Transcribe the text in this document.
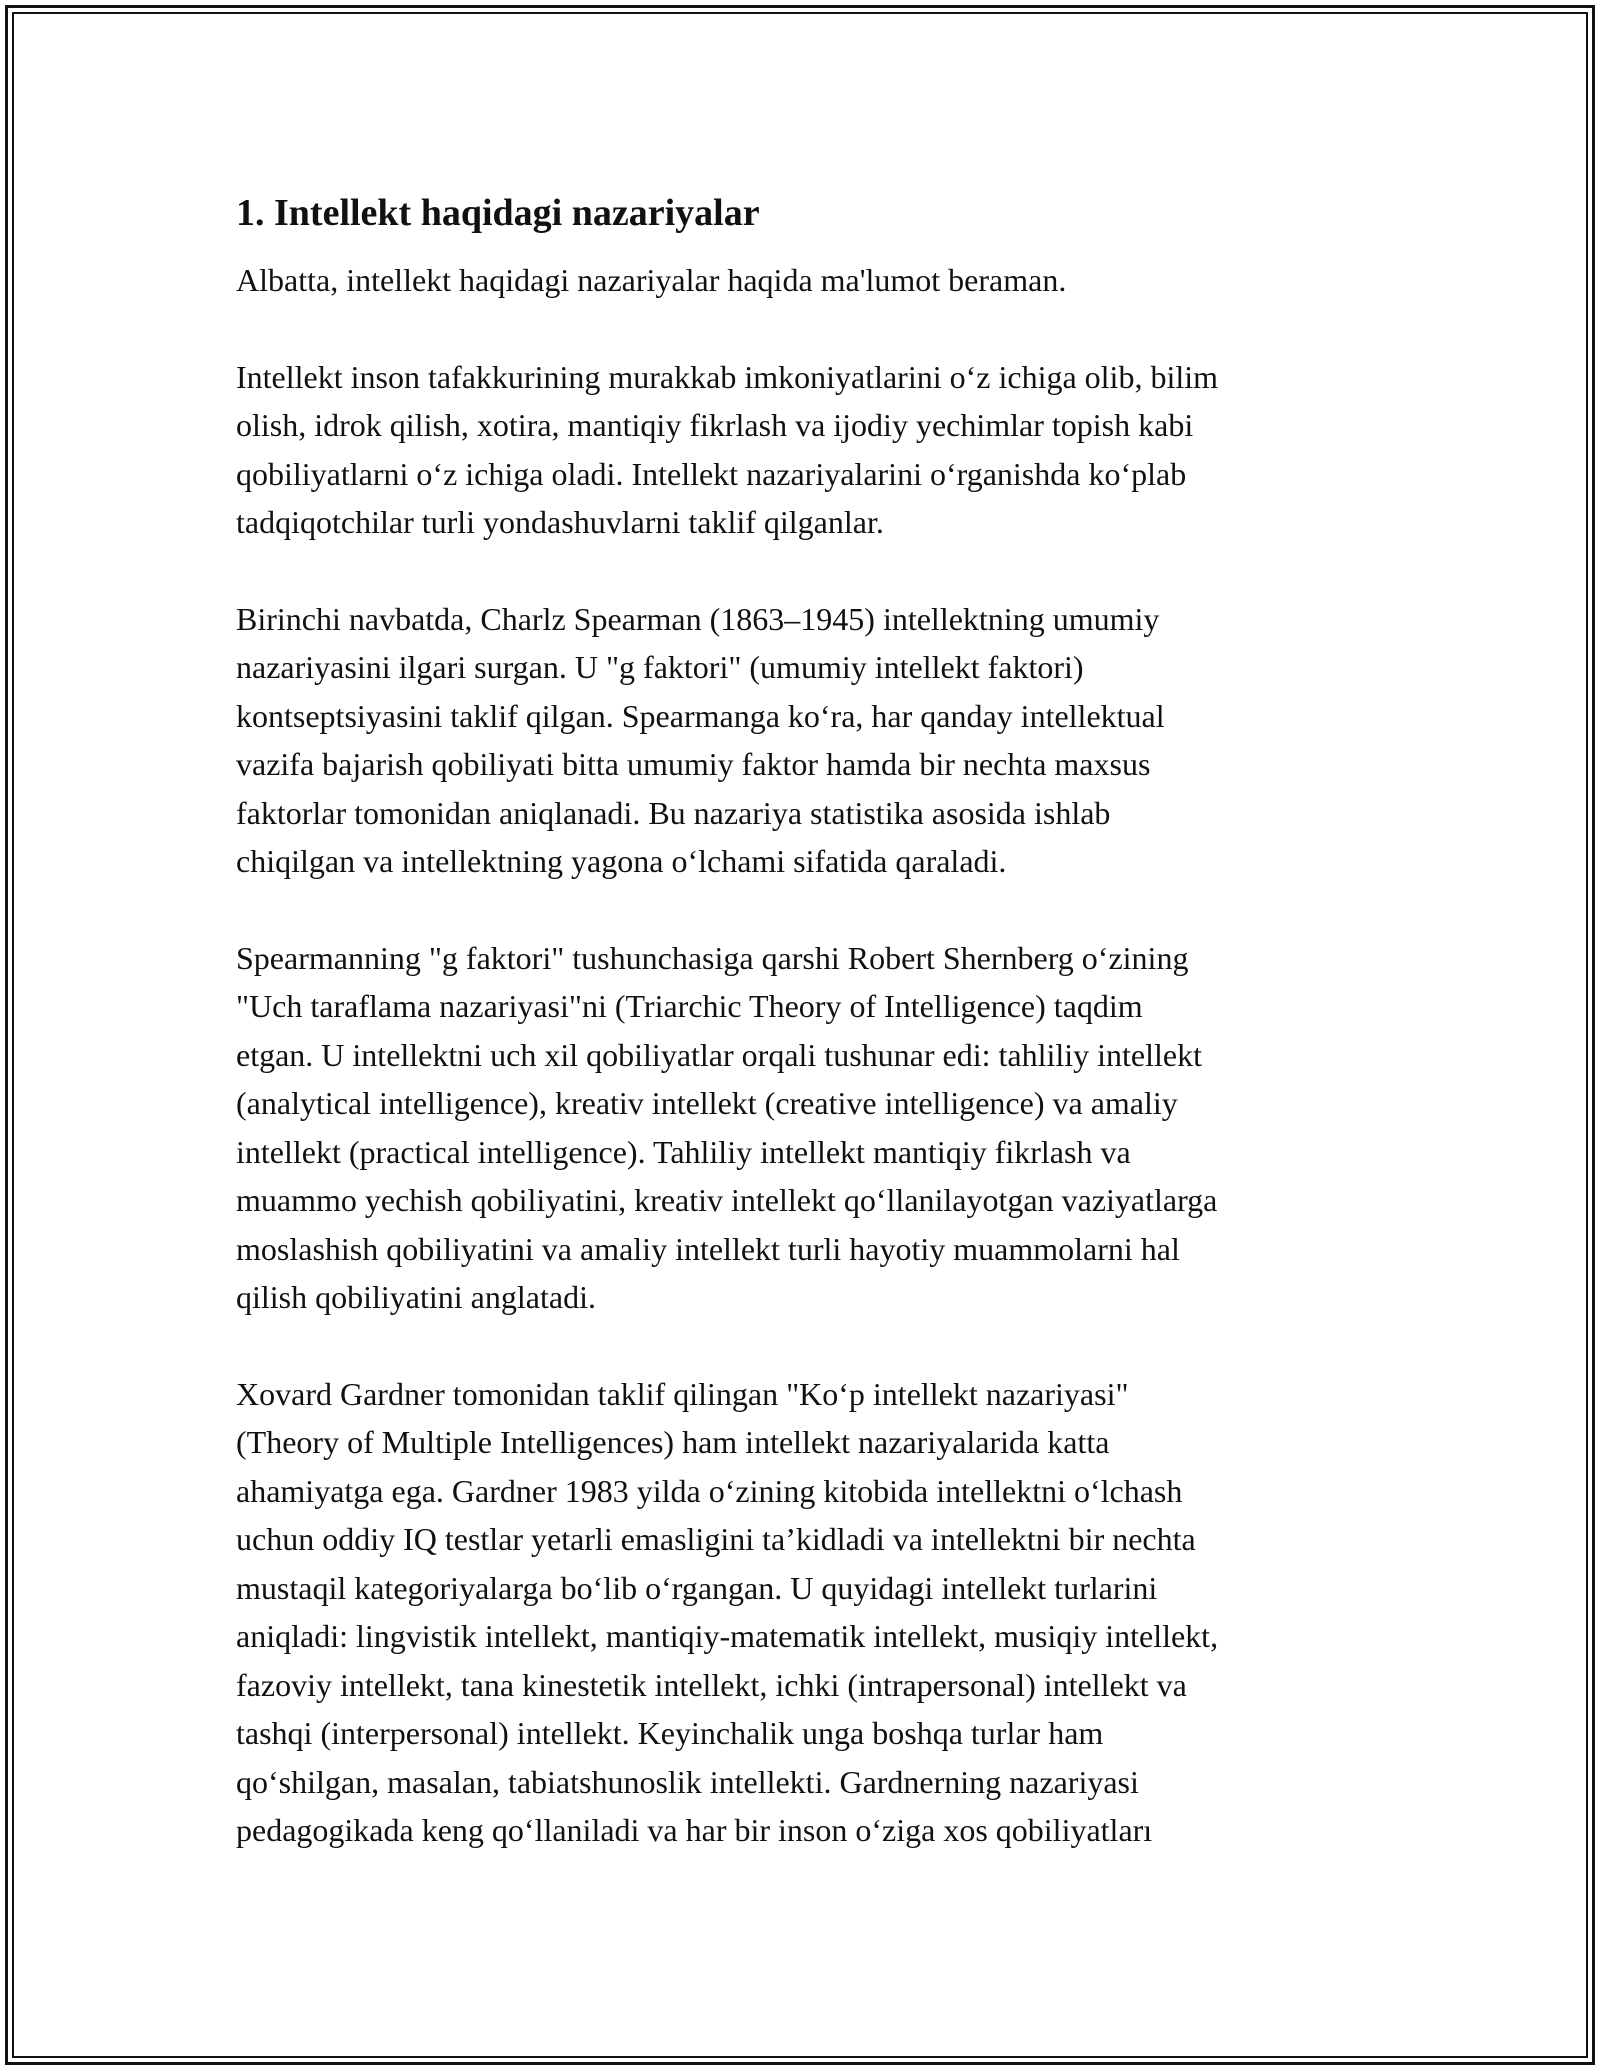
1. Intellekt haqidagi nazariyalar

Albatta, intellekt haqidagi nazariyalar haqida ma'lumot beraman.

Intellekt inson tafakkurining murakkab imkoniyatlarini o‘z ichiga olib, bilim
olish, idrok qilish, xotira, mantiqiy fikrlash va ijodiy yechimlar topish kabi
qobiliyatlarni o‘z ichiga oladi. Intellekt nazariyalarini o‘rganishda ko‘plab
tadqiqotchilar turli yondashuvlarni taklif qilganlar.

Birinchi navbatda, Charlz Spearman (1863–1945) intellektning umumiy
nazariyasini ilgari surgan. U "g faktori" (umumiy intellekt faktori)
kontseptsiyasini taklif qilgan. Spearmanga ko‘ra, har qanday intellektual
vazifa bajarish qobiliyati bitta umumiy faktor hamda bir nechta maxsus
faktorlar tomonidan aniqlanadi. Bu nazariya statistika asosida ishlab
chiqilgan va intellektning yagona o‘lchami sifatida qaraladi.

Spearmanning "g faktori" tushunchasiga qarshi Robert Shernberg o‘zining
"Uch taraflama nazariyasi"ni (Triarchic Theory of Intelligence) taqdim
etgan. U intellektni uch xil qobiliyatlar orqali tushunar edi: tahliliy intellekt
(analytical intelligence), kreativ intellekt (creative intelligence) va amaliy
intellekt (practical intelligence). Tahliliy intellekt mantiqiy fikrlash va
muammo yechish qobiliyatini, kreativ intellekt qo‘llanilayotgan vaziyatlarga
moslashish qobiliyatini va amaliy intellekt turli hayotiy muammolarni hal
qilish qobiliyatini anglatadi.

Xovard Gardner tomonidan taklif qilingan "Ko‘p intellekt nazariyasi"
(Theory of Multiple Intelligences) ham intellekt nazariyalarida katta
ahamiyatga ega. Gardner 1983 yilda o‘zining kitobida intellektni o‘lchash
uchun oddiy IQ testlar yetarli emasligini ta’kidladi va intellektni bir nechta
mustaqil kategoriyalarga bo‘lib o‘rgangan. U quyidagi intellekt turlarini
aniqladi: lingvistik intellekt, mantiqiy-matematik intellekt, musiqiy intellekt,
fazoviy intellekt, tana kinestetik intellekt, ichki (intrapersonal) intellekt va
tashqi (interpersonal) intellekt. Keyinchalik unga boshqa turlar ham
qo‘shilgan, masalan, tabiatshunoslik intellekti. Gardnerning nazariyasi
pedagogikada keng qo‘llaniladi va har bir inson o‘ziga xos qobiliyatları
